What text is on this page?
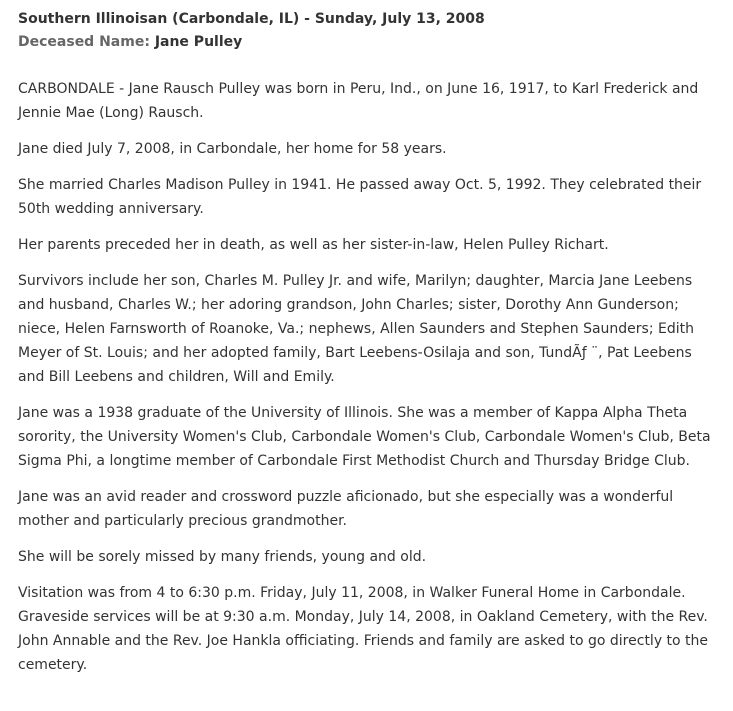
Southern Illinoisan (Carbondale, IL) - Sunday, July 13, 2008
Deceased Name: Jane Pulley

CARBONDALE - Jane Rausch Pulley was born in Peru, Ind., on June 16, 1917, to Karl Frederick and Jennie Mae (Long) Rausch.

Jane died July 7, 2008, in Carbondale, her home for 58 years.

She married Charles Madison Pulley in 1941. He passed away Oct. 5, 1992. They celebrated their 50th wedding anniversary.

Her parents preceded her in death, as well as her sister-in-law, Helen Pulley Richart.

Survivors include her son, Charles M. Pulley Jr. and wife, Marilyn; daughter, Marcia Jane Leebens and husband, Charles W.; her adoring grandson, John Charles; sister, Dorothy Ann Gunderson; niece, Helen Farnsworth of Roanoke, Va.; nephews, Allen Saunders and Stephen Saunders; Edith Meyer of St. Louis; and her adopted family, Bart Leebens-Osilaja and son, TundÃƒ ¨, Pat Leebens and Bill Leebens and children, Will and Emily.

Jane was a 1938 graduate of the University of Illinois. She was a member of Kappa Alpha Theta sorority, the University Women's Club, Carbondale Women's Club, Carbondale Women's Club, Beta Sigma Phi, a longtime member of Carbondale First Methodist Church and Thursday Bridge Club.

Jane was an avid reader and crossword puzzle aficionado, but she especially was a wonderful mother and particularly precious grandmother.

She will be sorely missed by many friends, young and old.

Visitation was from 4 to 6:30 p.m. Friday, July 11, 2008, in Walker Funeral Home in Carbondale. Graveside services will be at 9:30 a.m. Monday, July 14, 2008, in Oakland Cemetery, with the Rev. John Annable and the Rev. Joe Hankla officiating. Friends and family are asked to go directly to the cemetery.
